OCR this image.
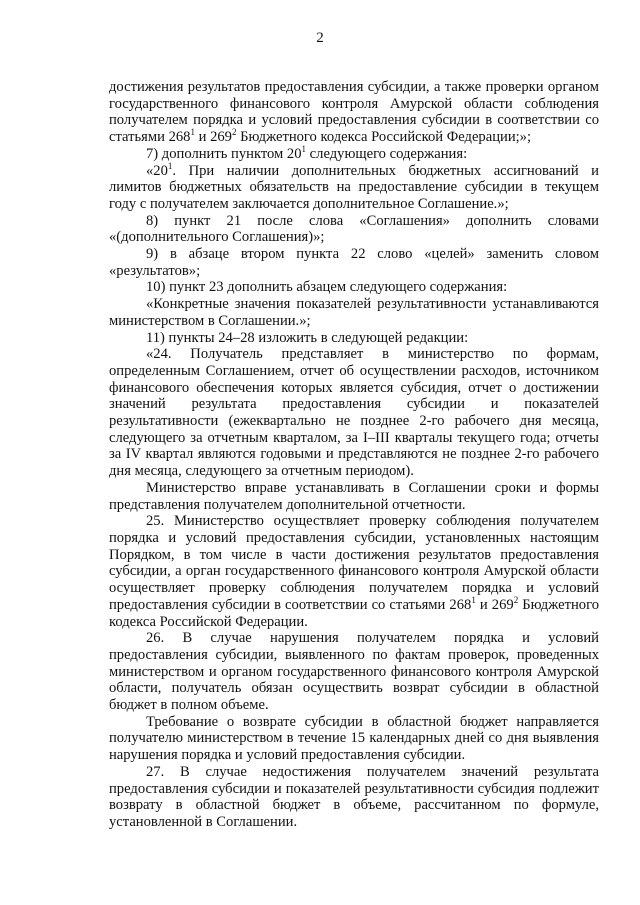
2

достижения результатов предоставления субсидии, а также проверки органом государственного финансового контроля Амурской области соблюдения получателем порядка и условий предоставления субсидии в соответствии со статьями $268^1$ и $269^2$ Бюджетного кодекса Российской Федерации;»;

7) дополнить пунктом $20^1$ следующего содержания:

«$20^1$. При наличии дополнительных бюджетных ассигнований и лимитов бюджетных обязательств на предоставление субсидии в текущем году с получателем заключается дополнительное Соглашение.»;

8) пункт 21 после слова «Соглашения» дополнить словами «(дополнительного Соглашения)»;

9) в абзаце втором пункта 22 слово «целей» заменить словом «результатов»;

10) пункт 23 дополнить абзацем следующего содержания:

«Конкретные значения показателей результативности устанавливаются министерством в Соглашении.»;

11) пункты 24–28 изложить в следующей редакции:

«24. Получатель представляет в министерство по формам, определенным Соглашением, отчет об осуществлении расходов, источником финансового обеспечения которых является субсидия, отчет о достижении значений результата предоставления субсидии и показателей результативности (ежеквартально не позднее 2-го рабочего дня месяца, следующего за отчетным кварталом, за I–III кварталы текущего года; отчеты за IV квартал являются годовыми и представляются не позднее 2-го рабочего дня месяца, следующего за отчетным периодом).

Министерство вправе устанавливать в Соглашении сроки и формы представления получателем дополнительной отчетности.

25. Министерство осуществляет проверку соблюдения получателем порядка и условий предоставления субсидии, установленных настоящим Порядком, в том числе в части достижения результатов предоставления субсидии, а орган государственного финансового контроля Амурской области осуществляет проверку соблюдения получателем порядка и условий предоставления субсидии в соответствии со статьями $268^1$ и $269^2$ Бюджетного кодекса Российской Федерации.

26. В случае нарушения получателем порядка и условий предоставления субсидии, выявленного по фактам проверок, проведенных министерством и органом государственного финансового контроля Амурской области, получатель обязан осуществить возврат субсидии в областной бюджет в полном объеме.

Требование о возврате субсидии в областной бюджет направляется получателю министерством в течение 15 календарных дней со дня выявления нарушения порядка и условий предоставления субсидии.

27. В случае недостижения получателем значений результата предоставления субсидии и показателей результативности субсидия подлежит возврату в областной бюджет в объеме, рассчитанном по формуле, установленной в Соглашении.
